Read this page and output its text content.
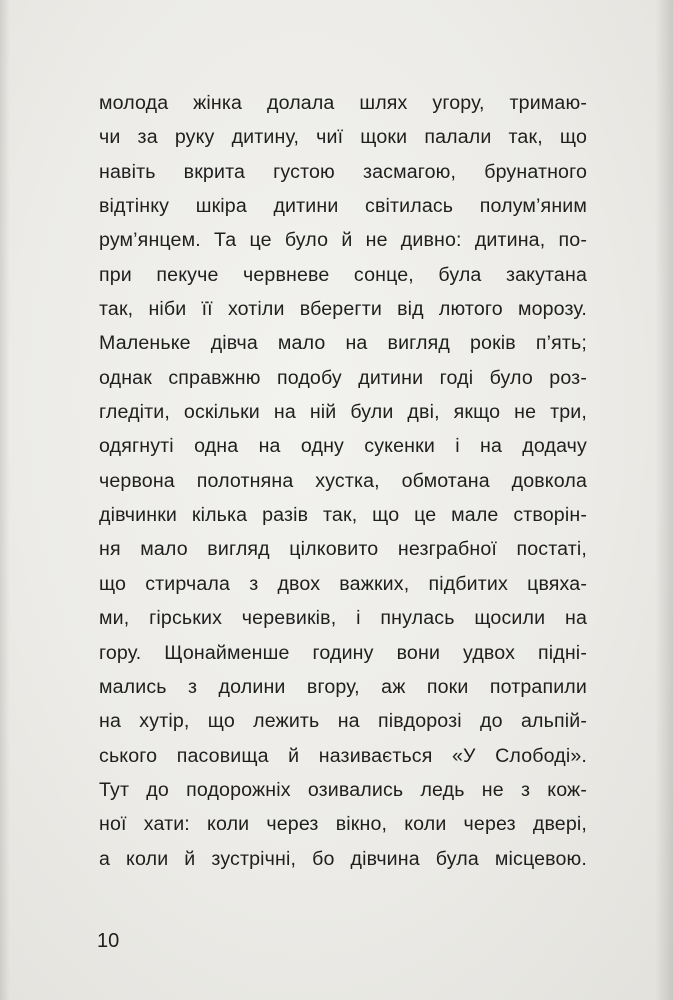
молода жінка долала шлях угору, тримаю-
чи за руку дитину, чиї щоки палали так, що
навіть вкрита густою засмагою, брунатного
відтінку шкіра дитини світилась полум’яним
рум’янцем. Та це було й не дивно: дитина, по-
при пекуче червневе сонце, була закутана
так, ніби її хотіли вберегти від лютого морозу.
Маленьке дівча мало на вигляд років п’ять;
однак справжню подобу дитини годі було роз-
гледіти, оскільки на ній були дві, якщо не три,
одягнуті одна на одну сукенки і на додачу
червона полотняна хустка, обмотана довкола
дівчинки кілька разів так, що це мале створін-
ня мало вигляд цілковито незграбної постаті,
що стирчала з двох важких, підбитих цвяха-
ми, гірських черевиків, і пнулась щосили на
гору. Щонайменше годину вони удвох підні-
мались з долини вгору, аж поки потрапили
на хутір, що лежить на півдорозі до альпій-
ського пасовища й називається «У Слободі».
Тут до подорожніх озивались ледь не з кож-
ної хати: коли через вікно, коли через двері,
а коли й зустрічні, бо дівчина була місцевою.
10
